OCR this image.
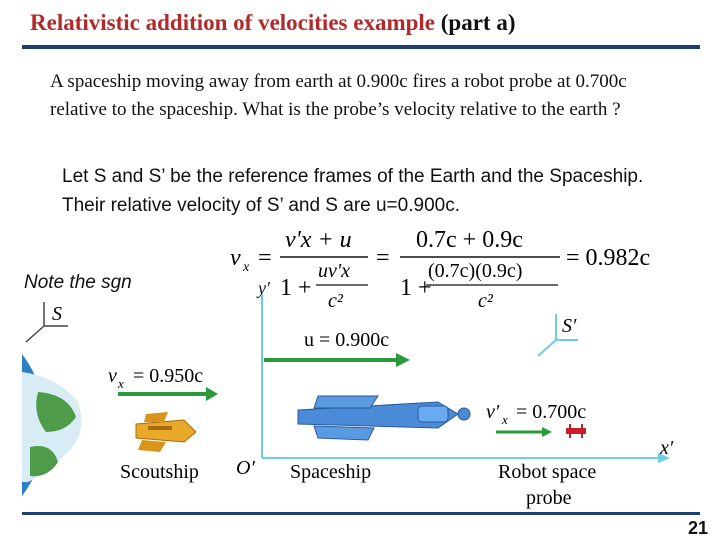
Relativistic addition of velocities example (part a)
A spaceship moving away from earth at 0.900c fires a robot probe at 0.700c relative to the spaceship. What is the probe’s velocity relative to the earth ?
Let S and S’ be the reference frames of the Earth and the Spaceship. Their relative velocity of S’ and S are u=0.900c.
Note the sgn
v x =
v'x + u
1 +
uv'x
c²
=
0.7c + 0.9c
1 +
(0.7c)(0.9c)
c²
= 0.982c
S
v x = 0.950c
Scoutship
y′
x′
O′
u = 0.900c
S′
Spaceship
v′ x = 0.700c
Robot space
probe
21
